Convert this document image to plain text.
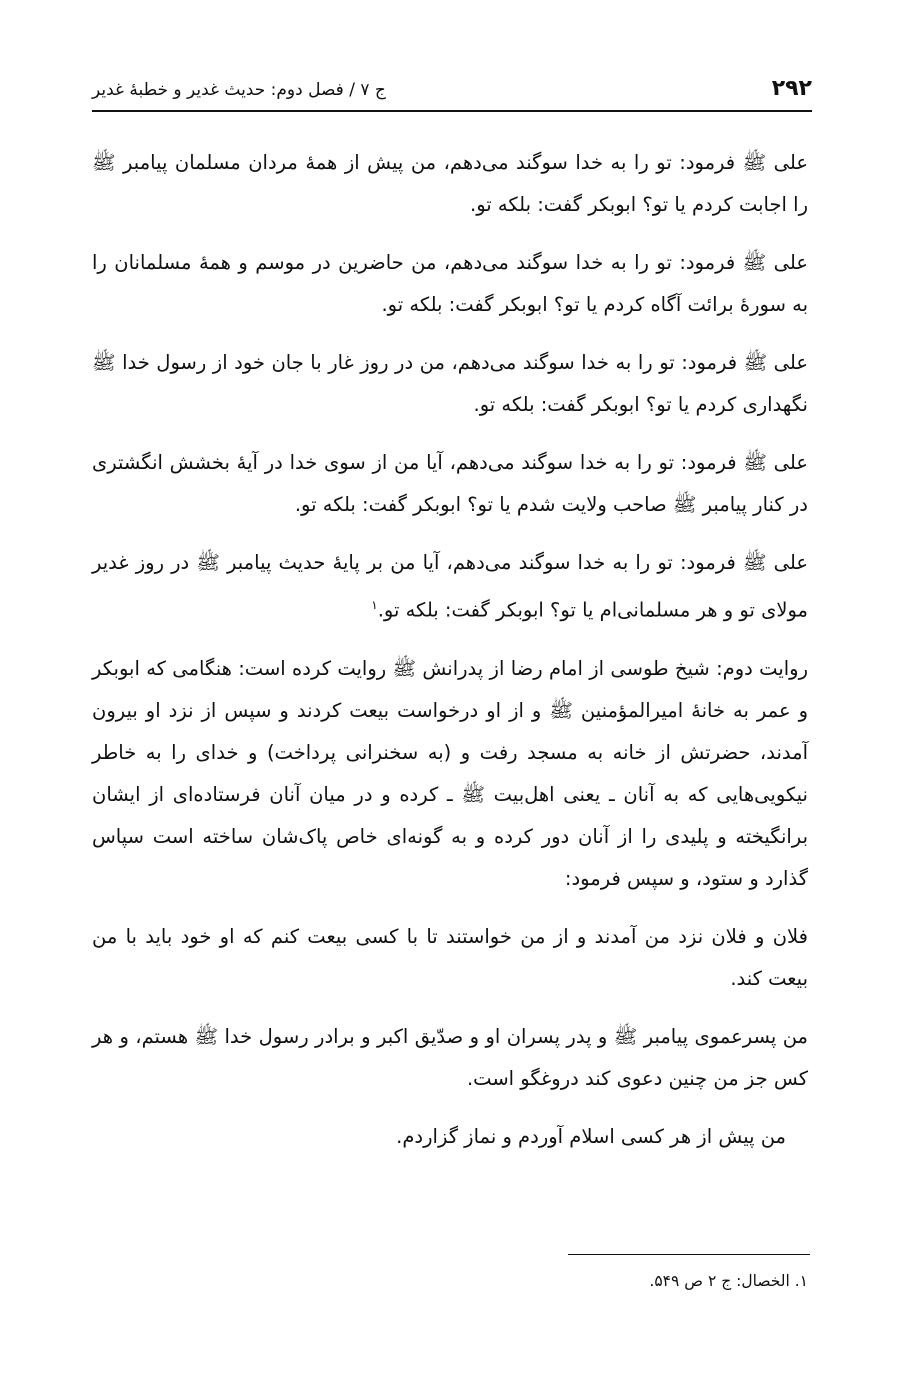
۲۹۲
ج ۷ / فصل دوم: حدیث غدیر و خطبهٔ غدیر

علی ﷺ فرمود: تو را به خدا سوگند می‌دهم، من پیش از همهٔ مردان مسلمان پیامبر ﷺ را اجابت کردم یا تو؟ ابوبکر گفت: بلکه تو.

علی ﷺ فرمود: تو را به خدا سوگند می‌دهم، من حاضرین در موسم و همهٔ مسلمانان را به سورهٔ برائت آگاه کردم یا تو؟ ابوبکر گفت: بلکه تو.

علی ﷺ فرمود: تو را به خدا سوگند می‌دهم، من در روز غار با جان خود از رسول خدا ﷺ نگهداری کردم یا تو؟ ابوبکر گفت: بلکه تو.

علی ﷺ فرمود: تو را به خدا سوگند می‌دهم، آیا من از سوی خدا در آیهٔ بخشش انگشتری در کنار پیامبر ﷺ صاحب ولایت شدم یا تو؟ ابوبکر گفت: بلکه تو.

علی ﷺ فرمود: تو را به خدا سوگند می‌دهم، آیا من بر پایهٔ حدیث پیامبر ﷺ در روز غدیر مولای تو و هر مسلمانی‌ام یا تو؟ ابوبکر گفت: بلکه تو.$^۱$

روایت دوم: شیخ طوسی از امام رضا از پدرانش ﷺ روایت کرده است: هنگامی که ابوبکر و عمر به خانهٔ امیرالمؤمنین ﷺ و از او درخواست بیعت کردند و سپس از نزد او بیرون آمدند، حضرتش از خانه به مسجد رفت و (به سخنرانی پرداخت) و خدای را به خاطر نیکویی‌هایی که به آنان ـ یعنی اهل‌بیت ﷺ ـ کرده و در میان آنان فرستاده‌ای از ایشان برانگیخته و پلیدی را از آنان دور کرده و به گونه‌ای خاص پاک‌شان ساخته است سپاس گذارد و ستود، و سپس فرمود:

فلان و فلان نزد من آمدند و از من خواستند تا با کسی بیعت کنم که او خود باید با من بیعت کند.

من پسرعموی پیامبر ﷺ و پدر پسران او و صدّیق اکبر و برادر رسول خدا ﷺ هستم، و هر کس جز من چنین دعوی کند دروغگو است.

من پیش از هر کسی اسلام آوردم و نماز گزاردم.

۱. الخصال: ج ۲ ص ۵۴۹.
